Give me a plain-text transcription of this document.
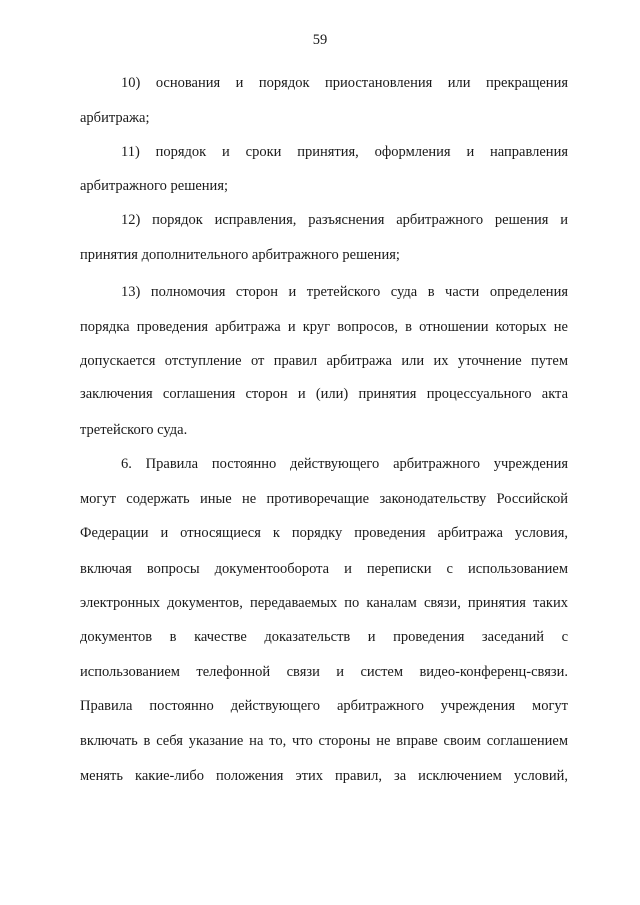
59

10) основания и порядок приостановления или прекращения

арбитража;

11) порядок и сроки принятия, оформления и направления

арбитражного решения;

12) порядок исправления, разъяснения арбитражного решения и

принятия дополнительного арбитражного решения;

13) полномочия сторон и третейского суда в части определения

порядка проведения арбитража и круг вопросов, в отношении которых не

допускается отступление от правил арбитража или их уточнение путем

заключения соглашения сторон и (или) принятия процессуального акта

третейского суда.

6. Правила постоянно действующего арбитражного учреждения

могут содержать иные не противоречащие законодательству Российской

Федерации и относящиеся к порядку проведения арбитража условия,

включая вопросы документооборота и переписки с использованием

электронных документов, передаваемых по каналам связи, принятия таких

документов в качестве доказательств и проведения заседаний с

использованием телефонной связи и систем видео-конференц-связи.

Правила постоянно действующего арбитражного учреждения могут

включать в себя указание на то, что стороны не вправе своим соглашением

менять какие-либо положения этих правил, за исключением условий,
